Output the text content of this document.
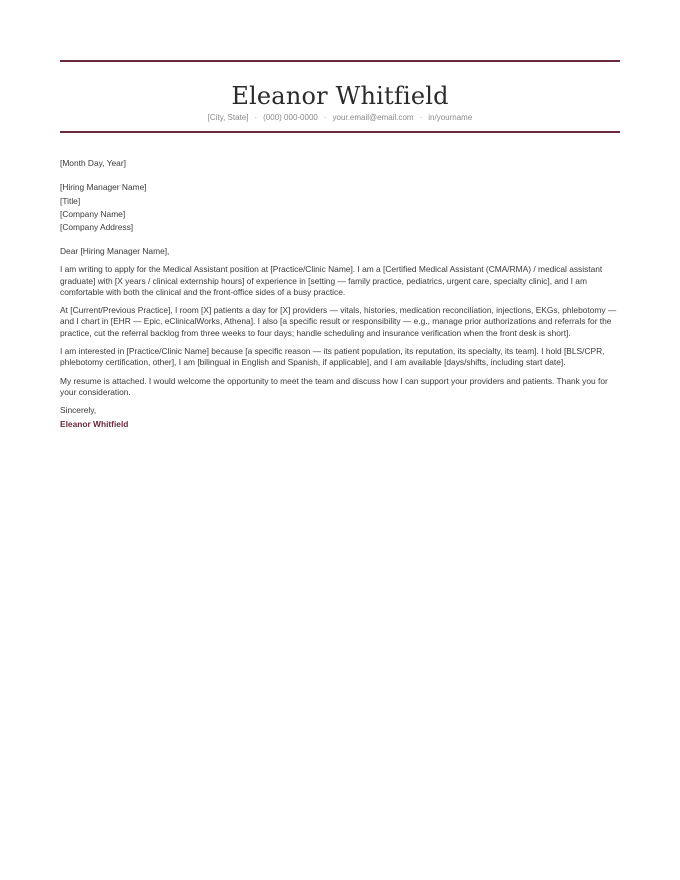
Eleanor Whitfield
[City, State] · (000) 000-0000 · your.email@email.com · in/yourname

[Month Day, Year]

[Hiring Manager Name]
[Title]
[Company Name]
[Company Address]

Dear [Hiring Manager Name],

I am writing to apply for the Medical Assistant position at [Practice/Clinic Name]. I am a [Certified Medical Assistant (CMA/RMA) / medical assistant graduate] with [X years / clinical externship hours] of experience in [setting — family practice, pediatrics, urgent care, specialty clinic], and I am comfortable with both the clinical and the front-office sides of a busy practice.

At [Current/Previous Practice], I room [X] patients a day for [X] providers — vitals, histories, medication reconciliation, injections, EKGs, phlebotomy — and I chart in [EHR — Epic, eClinicalWorks, Athena]. I also [a specific result or responsibility — e.g., manage prior authorizations and referrals for the practice, cut the referral backlog from three weeks to four days; handle scheduling and insurance verification when the front desk is short].

I am interested in [Practice/Clinic Name] because [a specific reason — its patient population, its reputation, its specialty, its team]. I hold [BLS/CPR, phlebotomy certification, other], I am [bilingual in English and Spanish, if applicable], and I am available [days/shifts, including start date].

My resume is attached. I would welcome the opportunity to meet the team and discuss how I can support your providers and patients. Thank you for your consideration.

Sincerely,

Eleanor Whitfield
